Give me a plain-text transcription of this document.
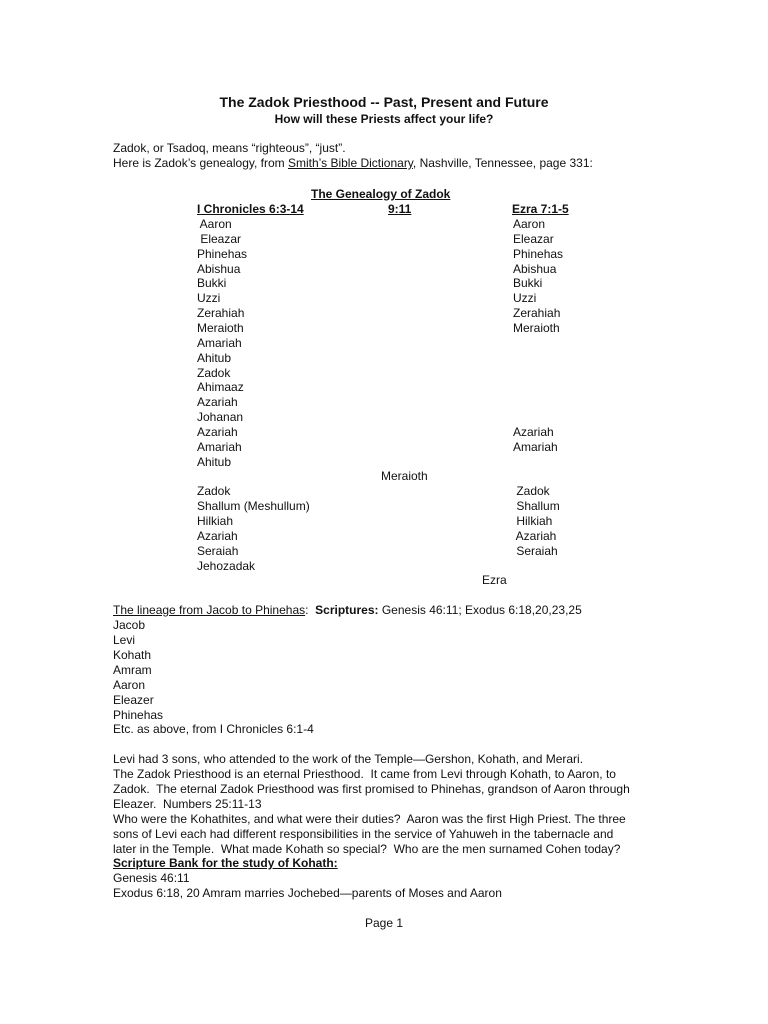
The Zadok Priesthood -- Past, Present and Future
How will these Priests affect your life?
Zadok, or Tsadoq, means “righteous”, “just”.
Here is Zadok’s genealogy, from Smith’s Bible Dictionary, Nashville, Tennessee, page 331:
The Genealogy of Zadok
I Chronicles 6:3-14	9:11	Ezra 7:1-5
Aaron
Eleazar
Phinehas
Abishua
Bukki
Uzzi
Zerahiah
Meraioth
Amariah
Ahitub
Zadok
Ahimaaz
Azariah
Johanan
Azariah
Amariah
Ahitub
Zadok
Shallum (Meshullum)
Hilkiah
Azariah
Seraiah
Jehozadak
Aaron
Eleazar
Phinehas
Abishua
Bukki
Uzzi
Zerahiah
Meraioth
Azariah
Amariah
Zadok
Shallum
Hilkiah
Azariah
Seraiah
Meraioth
Ezra
The lineage from Jacob to Phinehas: Scriptures: Genesis 46:11; Exodus 6:18,20,23,25
Jacob
Levi
Kohath
Amram
Aaron
Eleazer
Phinehas
Etc. as above, from I Chronicles 6:1-4
Levi had 3 sons, who attended to the work of the Temple—Gershon, Kohath, and Merari.
The Zadok Priesthood is an eternal Priesthood.  It came from Levi through Kohath, to Aaron, to
Zadok.  The eternal Zadok Priesthood was first promised to Phinehas, grandson of Aaron through
Eleazer.  Numbers 25:11-13
Who were the Kohathites, and what were their duties?  Aaron was the first High Priest. The three
sons of Levi each had different responsibilities in the service of Yahuweh in the tabernacle and
later in the Temple.  What made Kohath so special?  Who are the men surnamed Cohen today?
Scripture Bank for the study of Kohath:
Genesis 46:11
Exodus 6:18, 20 Amram marries Jochebed—parents of Moses and Aaron
Page 1
